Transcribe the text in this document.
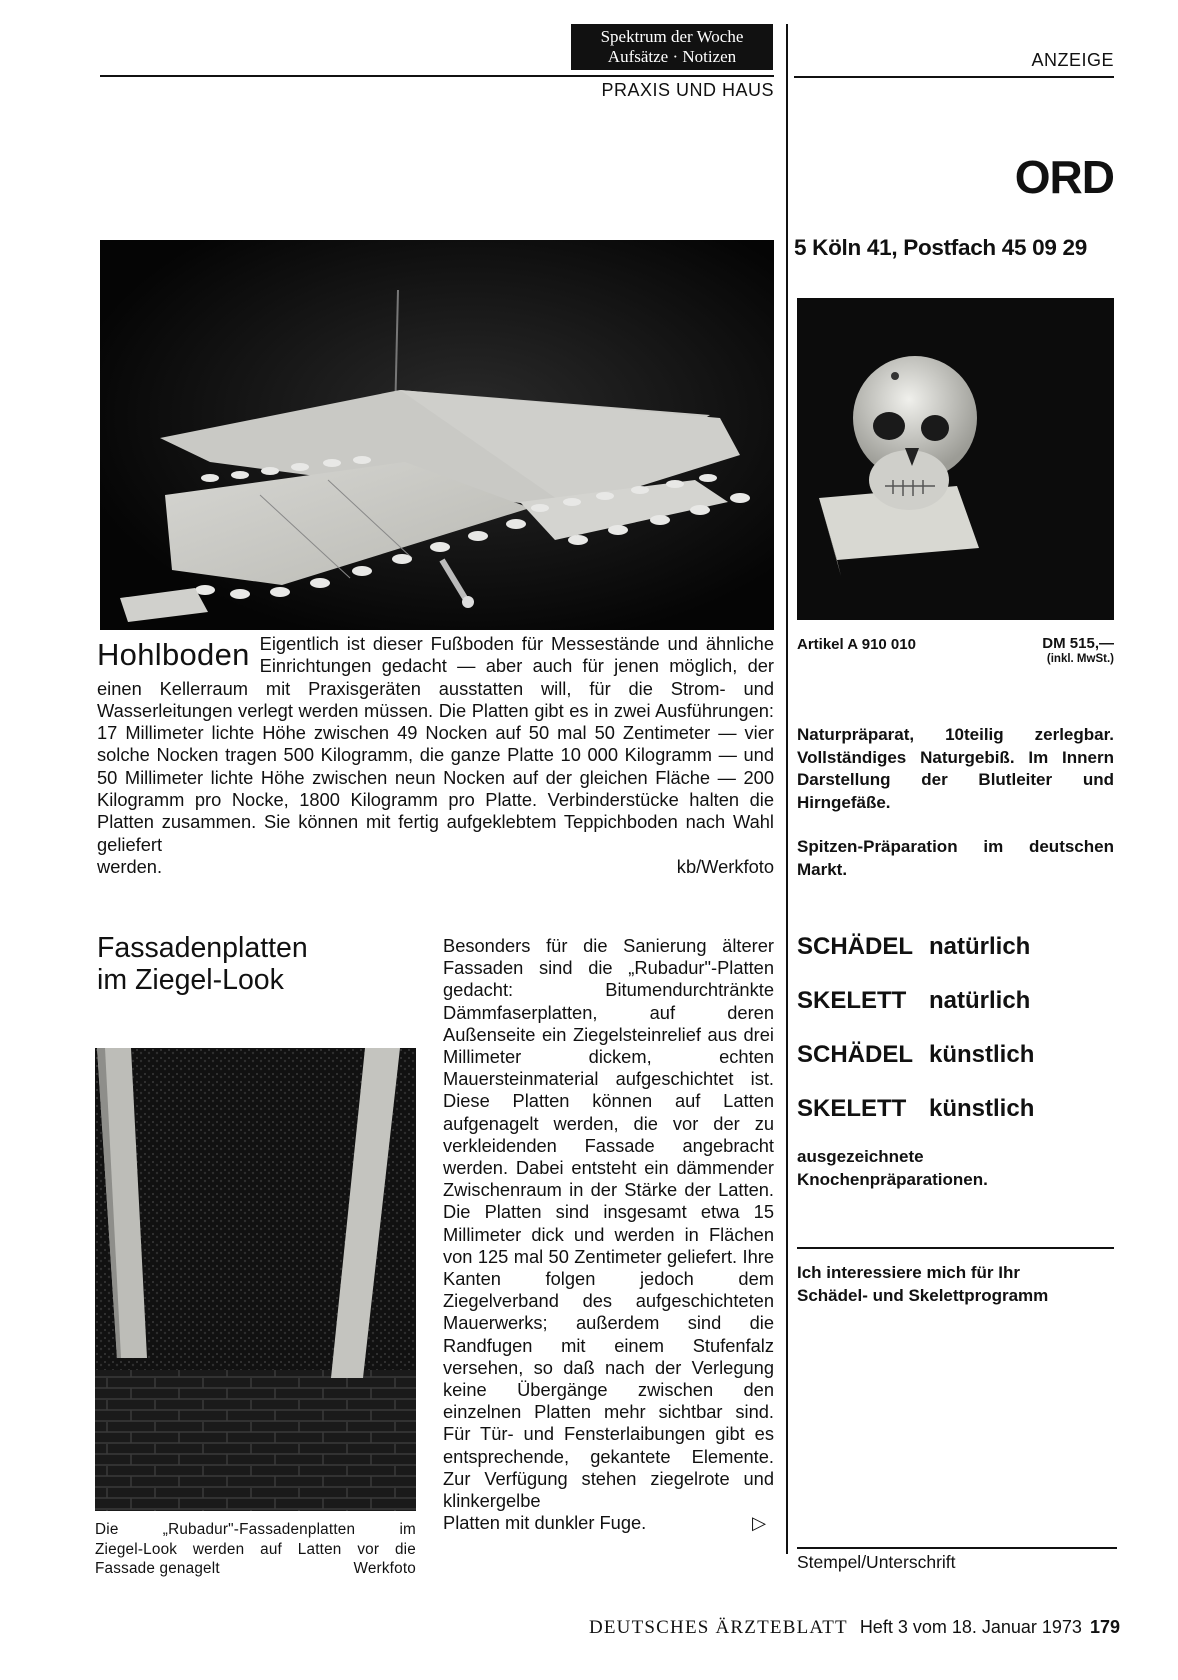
Spektrum der Woche
Aufsätze · Notizen
PRAXIS UND HAUS
Hohlboden Eigentlich ist dieser Fußboden für Messestände und ähnliche Einrichtungen gedacht — aber auch für jenen möglich, der einen Kellerraum mit Praxisgeräten ausstatten will, für die Strom- und Wasserleitungen verlegt werden müssen. Die Platten gibt es in zwei Ausführungen: 17 Millimeter lichte Höhe zwischen 49 Nocken auf 50 mal 50 Zentimeter — vier solche Nocken tragen 500 Kilogramm, die ganze Platte 10 000 Kilogramm — und 50 Millimeter lichte Höhe zwischen neun Nocken auf der gleichen Fläche — 200 Kilogramm pro Nocke, 1800 Kilogramm pro Platte. Verbinderstücke halten die Platten zusammen. Sie können mit fertig aufgeklebtem Teppichboden nach Wahl geliefert
werden.	kb/Werkfoto
Fassadenplatten
im Ziegel-Look
Die	„Rubadur"-Fassadenplatten	im
Ziegel-Look werden auf Latten vor die
Fassade genagelt	Werkfoto
Besonders für die Sanierung älterer Fassaden sind die „Rubadur"-Platten gedacht: Bitumendurchtränkte Dämmfaserplatten, auf deren Außenseite ein Ziegelsteinrelief aus drei Millimeter dickem, echten Mauersteinmaterial aufgeschichtet ist. Diese Platten können auf Latten aufgenagelt werden, die vor der zu verkleidenden Fassade angebracht werden. Dabei entsteht ein dämmender Zwischenraum in der Stärke der Latten. Die Platten sind insgesamt etwa 15 Millimeter dick und werden in Flächen von 125 mal 50 Zentimeter geliefert. Ihre Kanten folgen jedoch dem Ziegelverband des aufgeschichteten Mauerwerks; außerdem sind die Randfugen mit einem Stufenfalz versehen, so daß nach der Verlegung keine Übergänge zwischen den einzelnen Platten mehr sichtbar sind. Für Tür- und Fensterlaibungen gibt es entsprechende, gekantete Elemente. Zur Verfügung stehen ziegelrote und klinkergelbe
Platten mit dunkler Fuge.	▷
ANZEIGE
ORD
5 Köln 41, Postfach 45 09 29
Artikel A 910 010	DM 515,—
(inkl. MwSt.)
Naturpräparat, 10teilig zerlegbar. Vollständiges Naturgebiß. Im Innern Darstellung der Blutleiter und Hirngefäße.
Spitzen-Präparation im deutschen Markt.
SCHÄDEL natürlich
SKELETT natürlich
SCHÄDEL künstlich
SKELETT künstlich
ausgezeichnete
Knochenpräparationen.
Ich interessiere mich für Ihr
Schädel- und Skelettprogramm
Stempel/Unterschrift
DEUTSCHES ÄRZTEBLATT Heft 3 vom 18. Januar 1973 179
